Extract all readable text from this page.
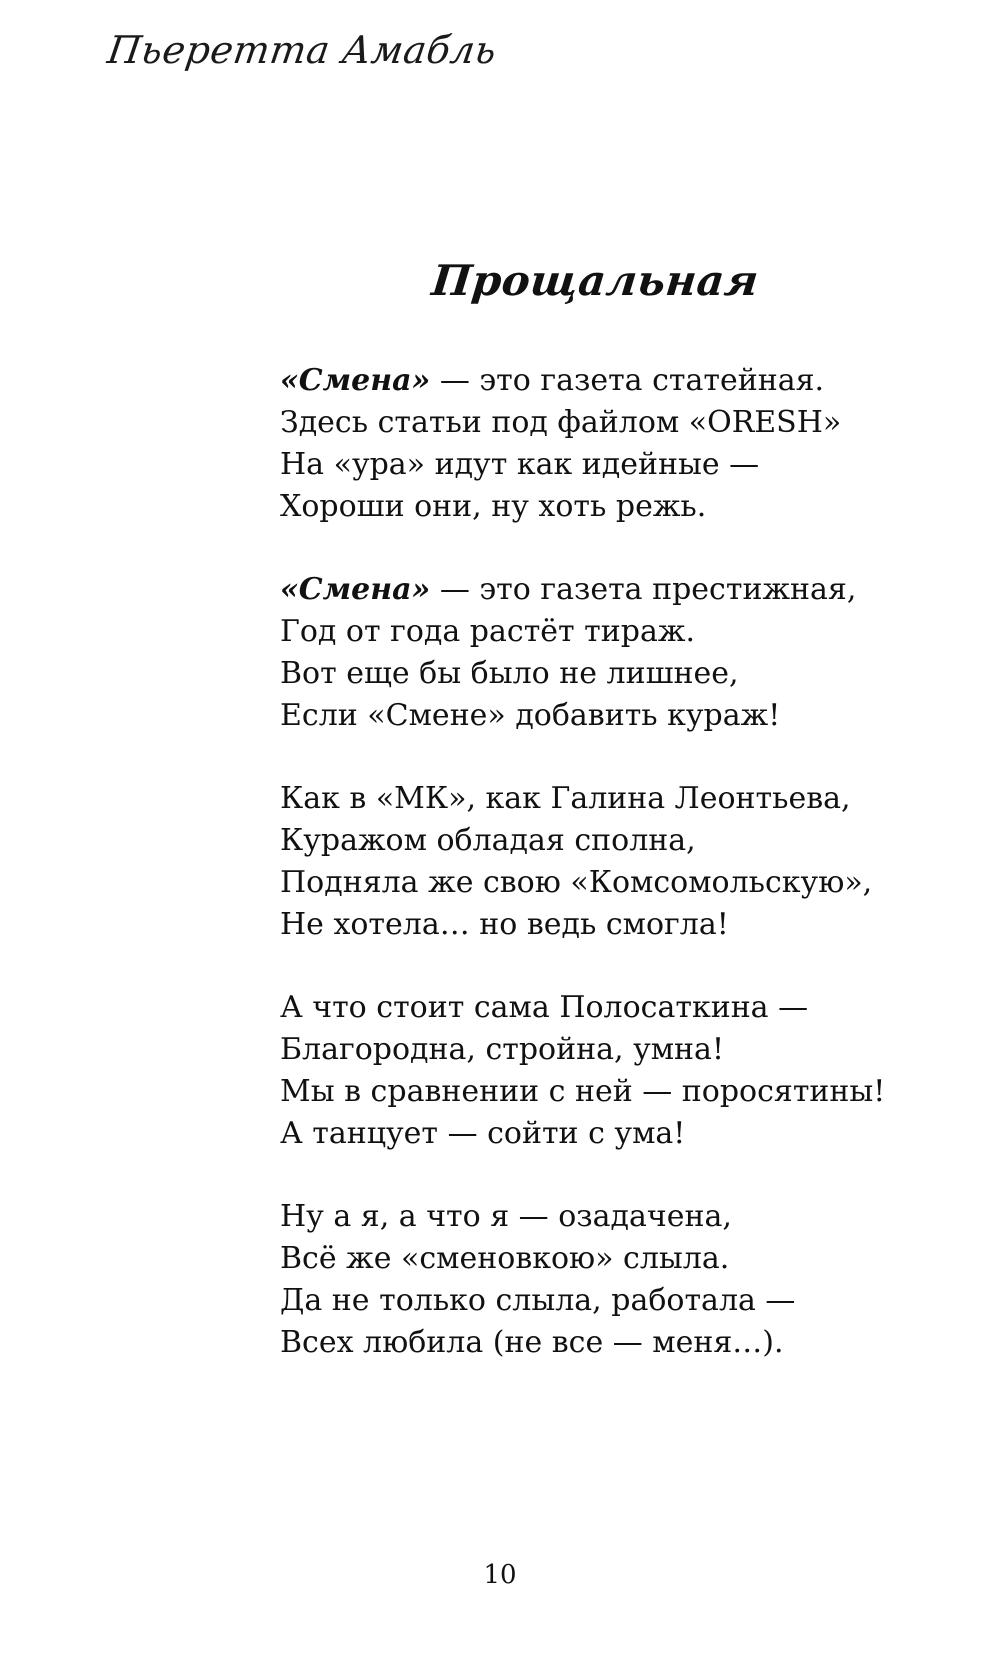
Пьеретта Амабль
Прощальная
«Смена» — это газета статейная.
Здесь статьи под файлом «ORESH»
На «ура» идут как идейные —
Хороши они, ну хоть режь.
«Смена» — это газета престижная,
Год от года растёт тираж.
Вот еще бы было не лишнее,
Если «Смене» добавить кураж!
Как в «МК», как Галина Леонтьева,
Куражом обладая сполна,
Подняла же свою «Комсомольскую»,
Не хотела… но ведь смогла!
А что стоит сама Полосаткина —
Благородна, стройна, умна!
Мы в сравнении с ней — поросятины!
А танцует — сойти с ума!
Ну а я, а что я — озадачена,
Всё же «сменовкою» слыла.
Да не только слыла, работала —
Всех любила (не все — меня…).
10
